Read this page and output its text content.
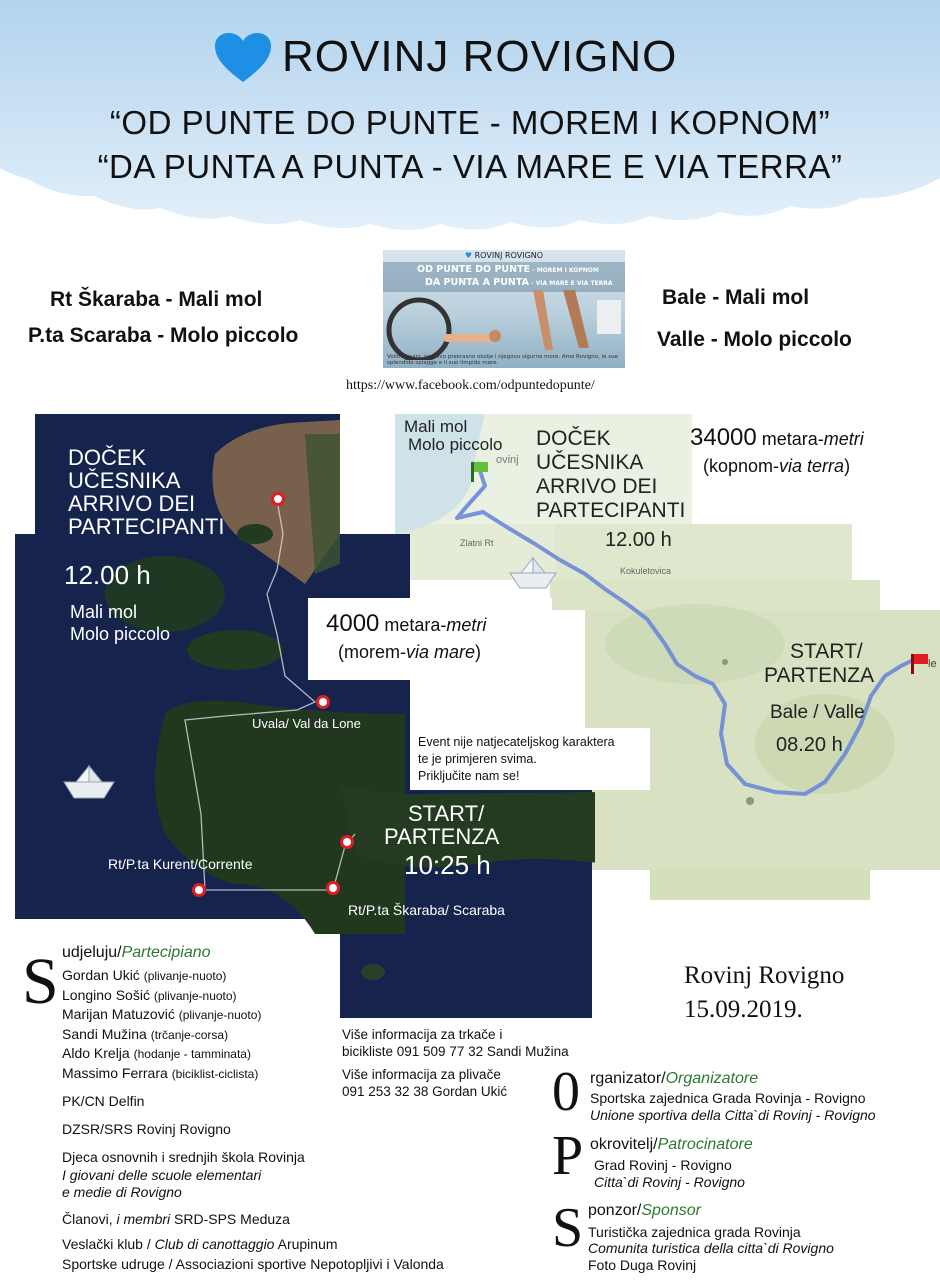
ROVINJ ROVIGNO
“OD PUNTE DO PUNTE - MOREM I KOPNOM”
“DA PUNTA A PUNTA - VIA MARE E VIA TERRA”
Rt Škaraba - Mali mol
P.ta Scaraba - Molo piccolo
Bale - Mali mol
Valle - Molo piccolo
♥ ROVINJ ROVIGNO
OD PUNTE DO PUNTE - MOREM I KOPNOM
DA PUNTA A PUNTA - VIA MARE E VIA TERRA
Volim Rovinj, njegovo prekrasno okolje i njegovu sigurno more. Amo Rovigno, le sue splendide spiagge e il suo limpido mare.
https://www.facebook.com/odpuntedopunte/
Mali mol
Molo piccolo DOČEK
UČESNIKA
ARRIVO DEI
PARTECIPANTI
12.00 h
ovinj
Zlatni Rt
Kokuletovica
le
34000 metara-metri
(kopnom-via terra)
START/
PARTENZA
Bale / Valle
08.20 h
DOČEK
UČESNIKA
ARRIVO DEI
PARTECIPANTI
12.00 h
Mali mol
Molo piccolo	4000 metara-metri
(morem-via mare)
Uvala/ Val da Lone
Rt/P.ta Kurent/Corrente
Rt/P.ta Škaraba/ Scaraba
Event nije natjecateljskog karaktera
te je primjeren svima.
Priključite nam se!
START/
PARTENZA
10:25 h
Više informacija za trkače i
bicikliste 091 509 77 32 Sandi Mužina
Više informacija za plivače
091 253 32 38 Gordan Ukić
Rovinj Rovigno
15.09.2019.
S udjeluju/Partecipiano
Gordan Ukić (plivanje-nuoto)
Longino Sošić (plivanje-nuoto)
Marijan Matuzović (plivanje-nuoto)
Sandi Mužina (trčanje-corsa)
Aldo Krelja (hodanje - tamminata)
Massimo Ferrara (biciklist-ciclista)
PK/CN Delfin
DZSR/SRS Rovinj Rovigno
Djeca osnovnih i srednjih škola Rovinja
I giovani delle scuole elementari
e medie di Rovigno
Članovi, i membri SRD-SPS Meduza
Veslački klub / Club di canottaggio Arupinum
Sportske udruge / Associazioni sportive Nepotopljivi i Valonda
0 rganizator/Organizatore
Sportska zajednica Grada Rovinja - Rovigno
Unione sportiva della Citta`di Rovinj - Rovigno
P okrovitelj/Patrocinatore
Grad Rovinj - Rovigno
Citta`di Rovinj - Rovigno
S ponzor/Sponsor
Turistička zajednica grada Rovinja
Comunita turistica della citta`di Rovigno
Foto Duga Rovinj
